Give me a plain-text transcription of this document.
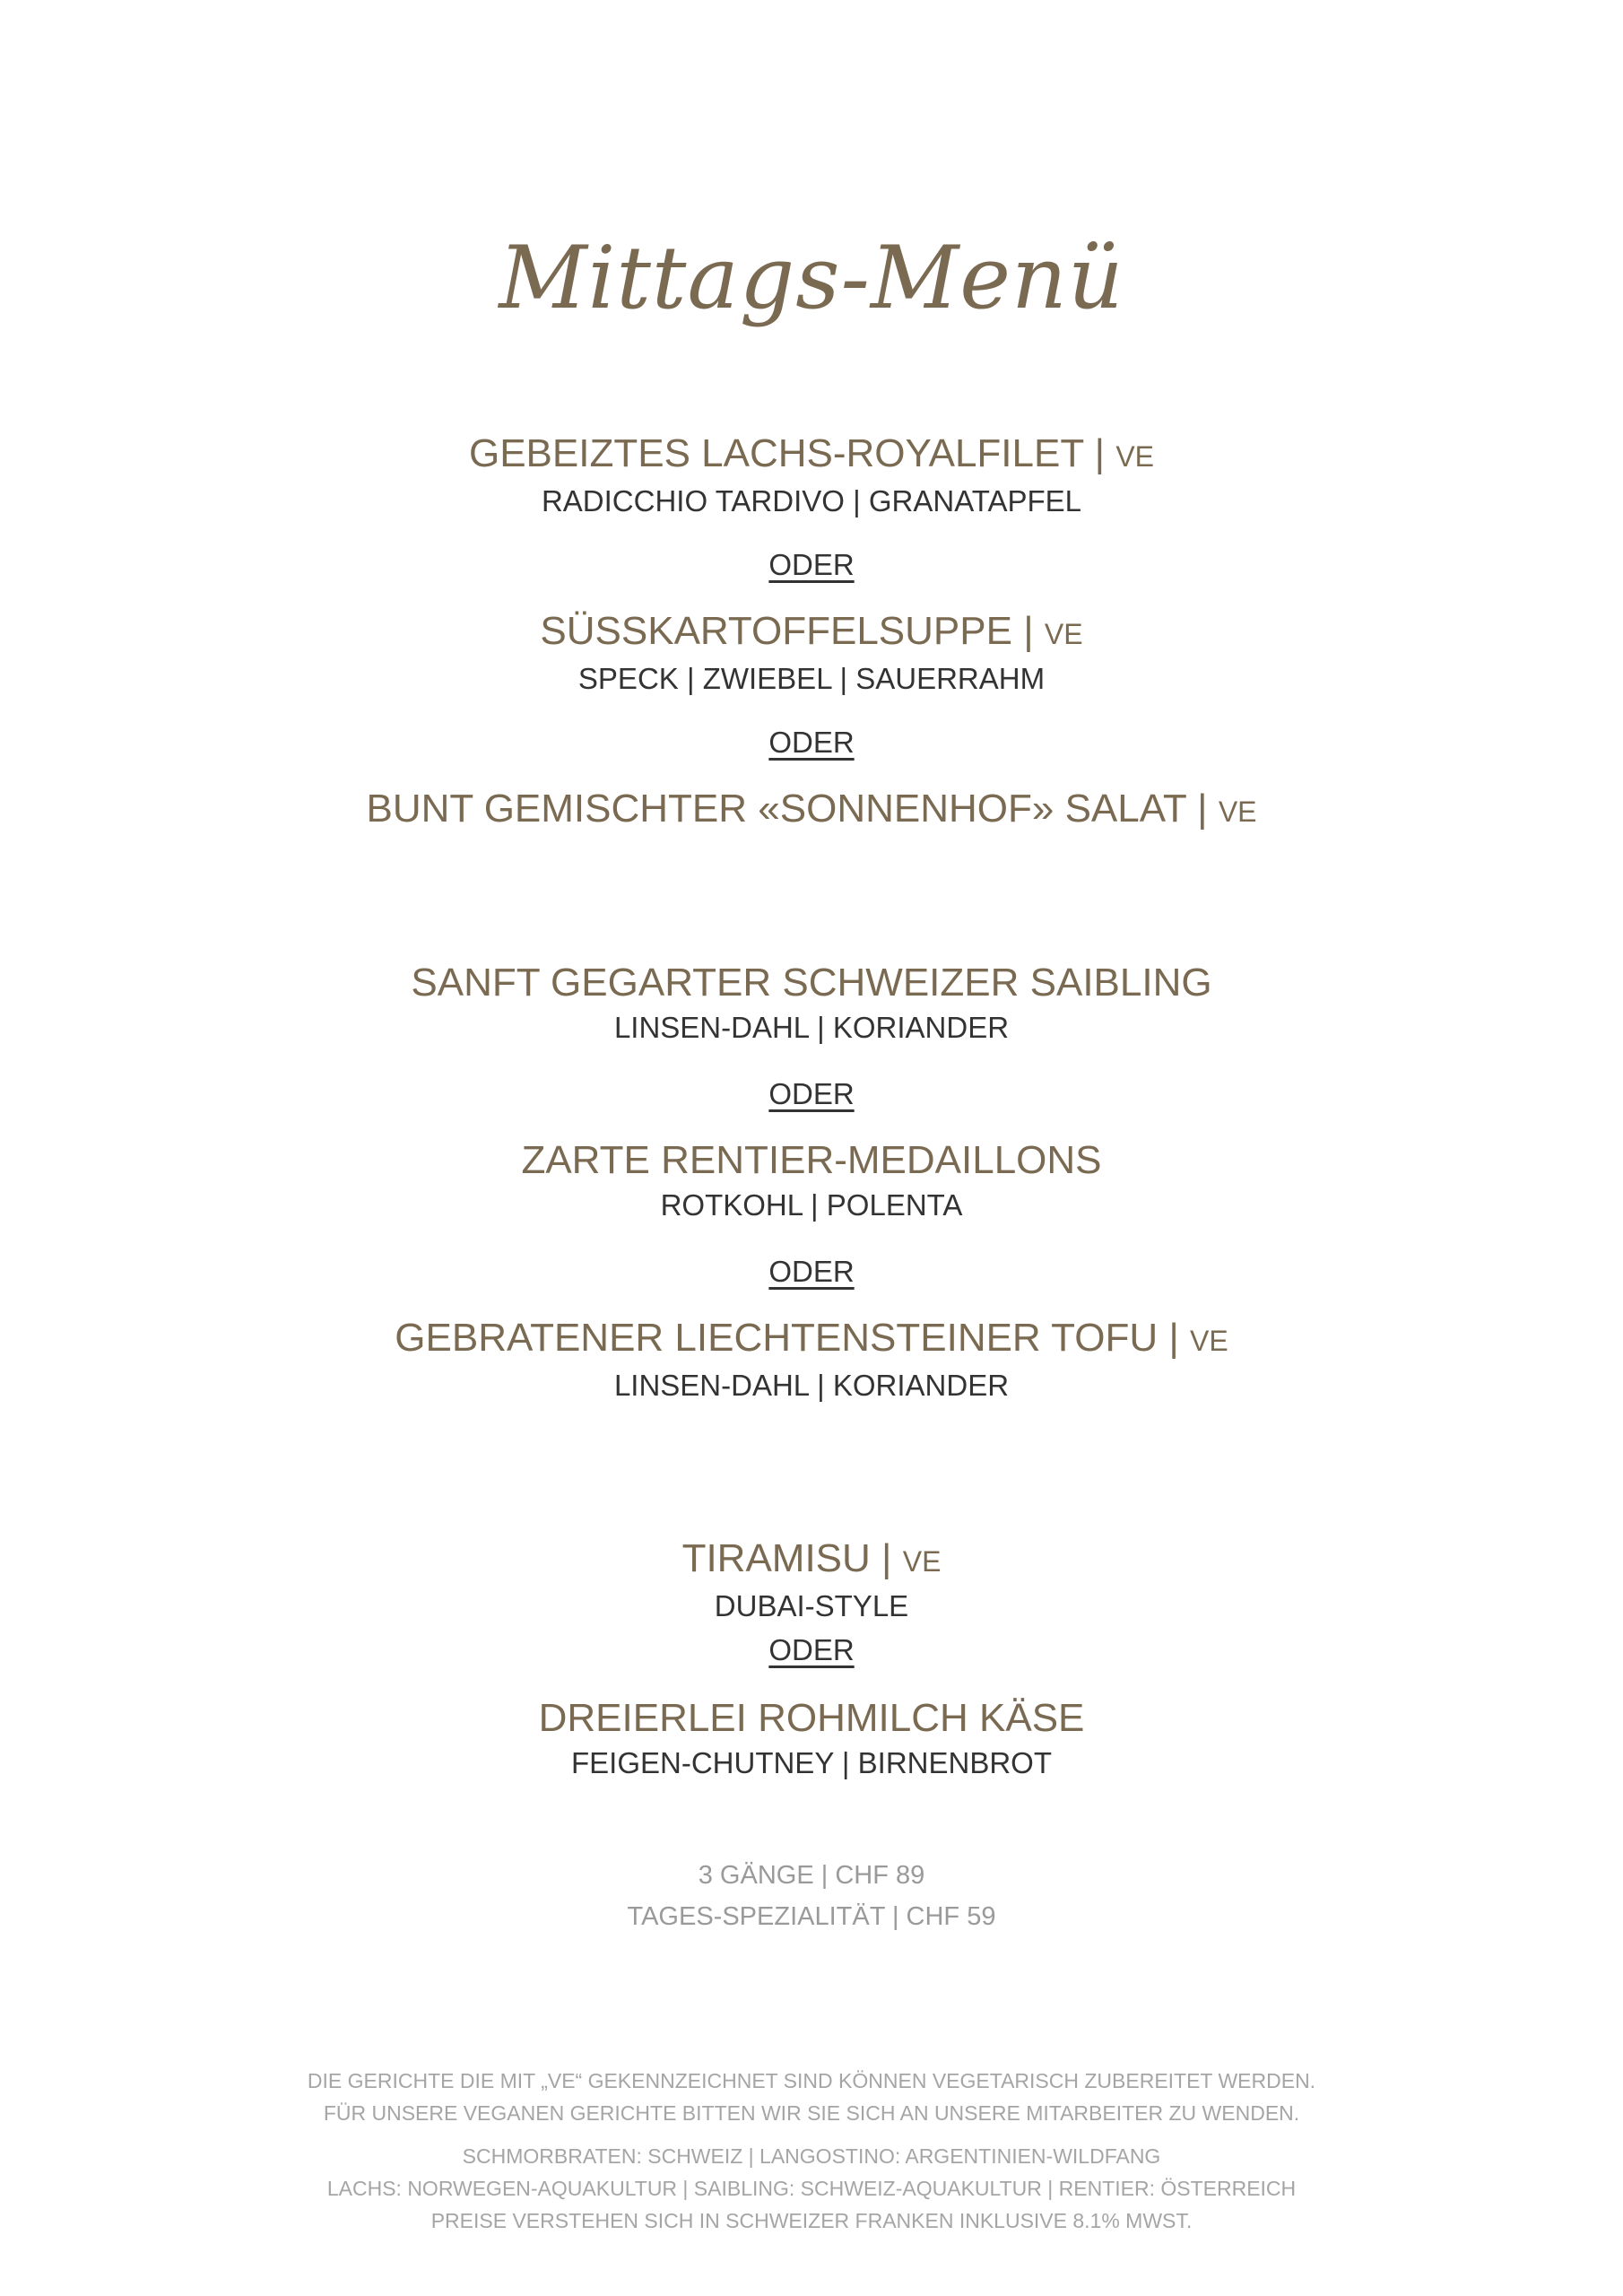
Mittags-Menü
GEBEIZTES LACHS-ROYALFILET | VE
RADICCHIO TARDIVO | GRANATAPFEL
ODER
SÜSSKARTOFFELSUPPE | VE
SPECK | ZWIEBEL | SAUERRAHM
ODER
BUNT GEMISCHTER «SONNENHOF» SALAT | VE
SANFT GEGARTER SCHWEIZER SAIBLING
LINSEN-DAHL | KORIANDER
ODER
ZARTE RENTIER-MEDAILLONS
ROTKOHL | POLENTA
ODER
GEBRATENER LIECHTENSTEINER TOFU | VE
LINSEN-DAHL | KORIANDER
TIRAMISU | VE
DUBAI-STYLE
ODER
DREIERLEI ROHMILCH KÄSE
FEIGEN-CHUTNEY | BIRNENBROT
3 GÄNGE | CHF 89
TAGES-SPEZIALITÄT | CHF 59
DIE GERICHTE DIE MIT „VE“ GEKENNZEICHNET SIND KÖNNEN VEGETARISCH ZUBEREITET WERDEN.
FÜR UNSERE VEGANEN GERICHTE BITTEN WIR SIE SICH AN UNSERE MITARBEITER ZU WENDEN.
SCHMORBRATEN: SCHWEIZ | LANGOSTINO: ARGENTINIEN-WILDFANG
LACHS: NORWEGEN-AQUAKULTUR | SAIBLING: SCHWEIZ-AQUAKULTUR | RENTIER: ÖSTERREICH
PREISE VERSTEHEN SICH IN SCHWEIZER FRANKEN INKLUSIVE 8.1% MWST.
